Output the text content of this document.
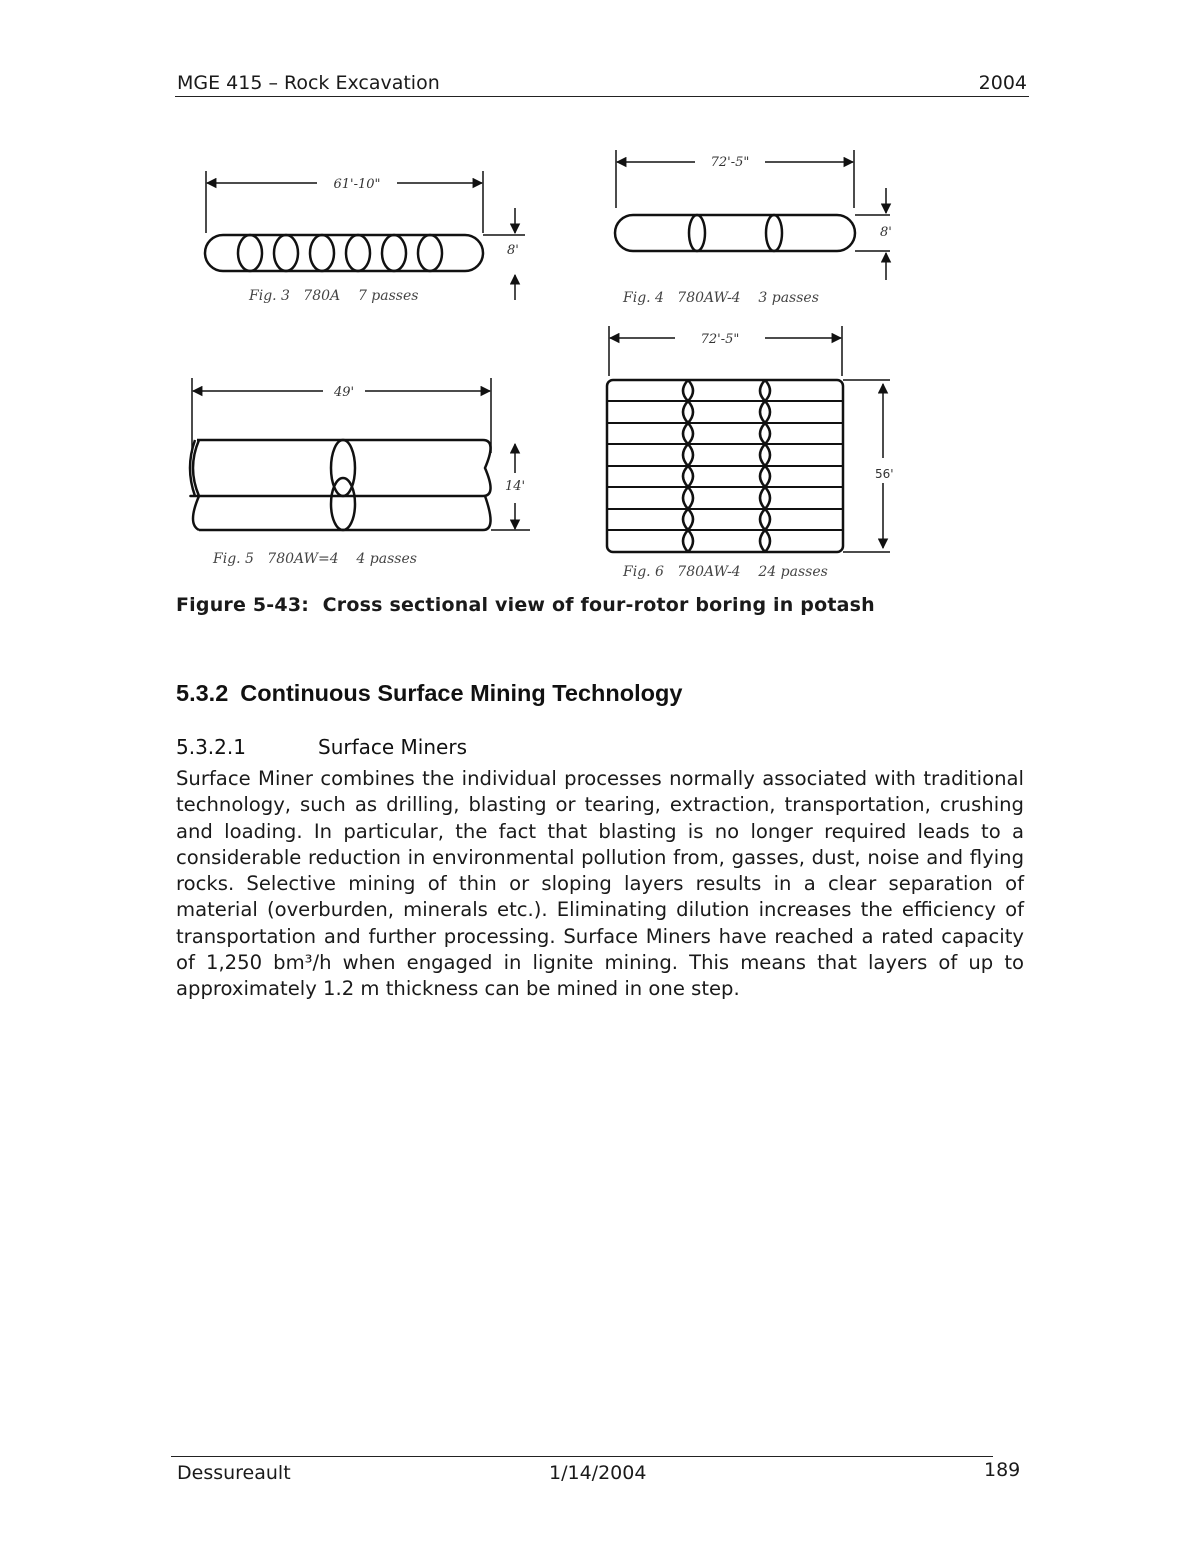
MGE 415 – Rock Excavation	2004
61'-10"
8'
Fig. 3   780A    7 passes
72'-5"
8'
Fig. 4   780AW-4    3 passes
49'
14'
Fig. 5   780AW=4    4 passes
72'-5"
56'
Fig. 6   780AW-4    24 passes
Figure 5-43:  Cross sectional view of four-rotor boring in potash
5.3.2 Continuous Surface Mining Technology
5.3.2.1	Surface Miners
Surface Miner combines the individual processes normally associated with traditional technology, such as drilling, blasting or tearing, extraction, transportation, crushing and loading. In particular, the fact that blasting is no longer required leads to a considerable reduction in environmental pollution from, gasses, dust, noise and flying rocks. Selective mining of thin or sloping layers results in a clear separation of material (overburden, minerals etc.). Eliminating dilution increases the efficiency of transportation and further processing. Surface Miners have reached a rated capacity of 1,250 bm³/h when engaged in lignite mining. This means that layers of up to approximately 1.2 m thickness can be mined in one step.
Dessureault	1/14/2004	189
